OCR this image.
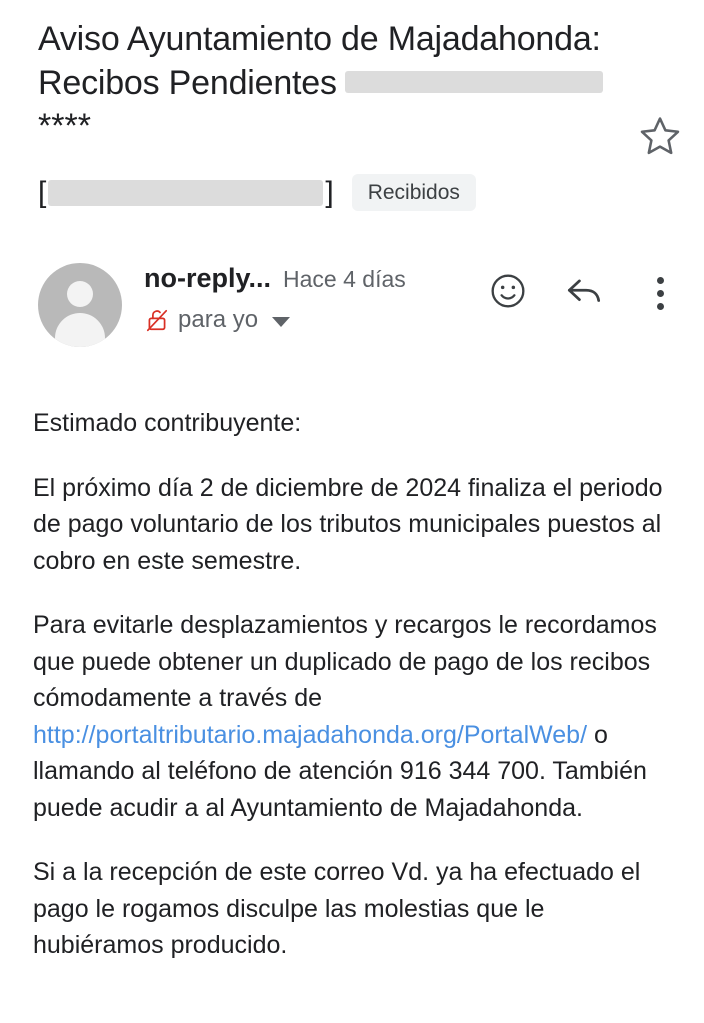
Aviso Ayuntamiento de Majadahonda: Recibos Pendientes****
[	]	Recibidos
no-reply... Hace 4 días
para yo

Estimado contribuyente:

El próximo día 2 de diciembre de 2024 finaliza el periodo de pago voluntario de los tributos municipales puestos al cobro en este semestre.

Para evitarle desplazamientos y recargos le recordamos que puede obtener un duplicado de pago de los recibos cómodamente a través de http://portaltributario.majadahonda.org/PortalWeb/ o llamando al teléfono de atención 916 344 700. También puede acudir a al Ayuntamiento de Majadahonda.

Si a la recepción de este correo Vd. ya ha efectuado el pago le rogamos disculpe las molestias que le hubiéramos producido.
